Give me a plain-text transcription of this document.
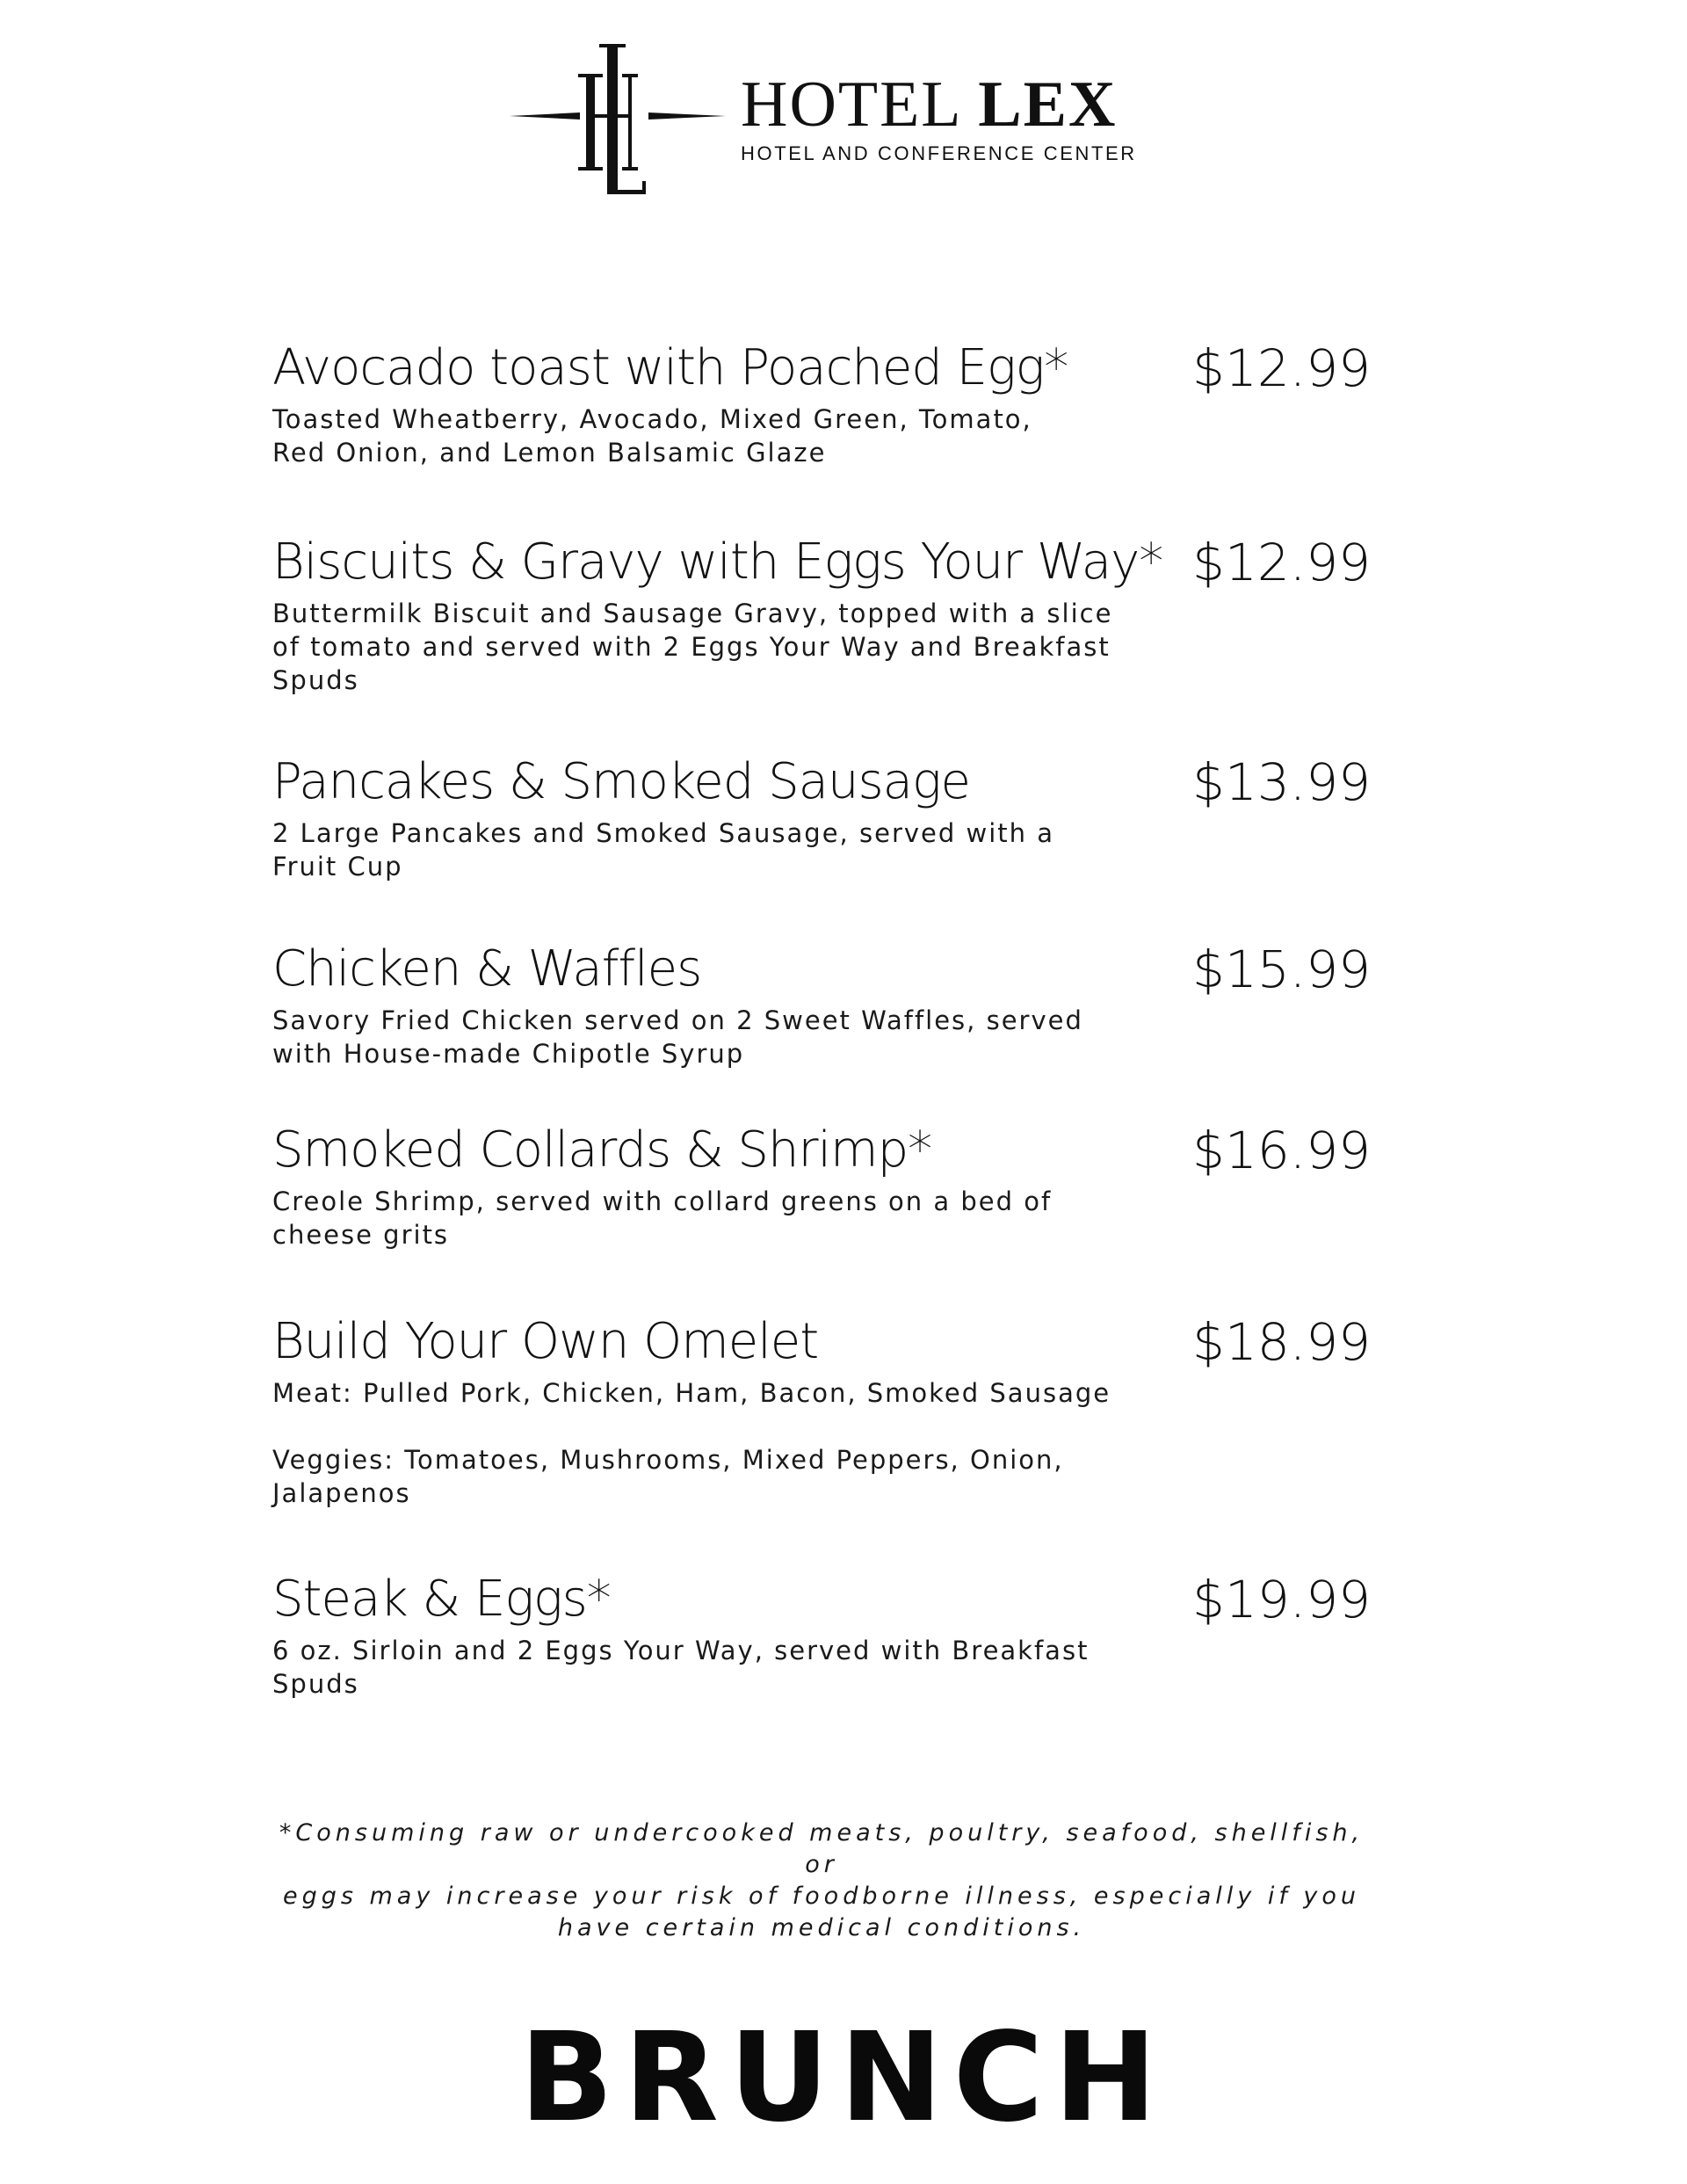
HOTEL LEX
HOTEL AND CONFERENCE CENTER
Avocado toast with Poached Egg* $12.99
Toasted Wheatberry, Avocado, Mixed Green, Tomato,
Red Onion, and Lemon Balsamic Glaze
Biscuits & Gravy with Eggs Your Way* $12.99
Buttermilk Biscuit and Sausage Gravy, topped with a slice
of tomato and served with 2 Eggs Your Way and Breakfast
Spuds
Pancakes & Smoked Sausage	$13.99
2 Large Pancakes and Smoked Sausage, served with a
Fruit Cup
Chicken & Waffles	$15.99
Savory Fried Chicken served on 2 Sweet Waffles, served
with House-made Chipotle Syrup
Smoked Collards & Shrimp*	$16.99
Creole Shrimp, served with collard greens on a bed of
cheese grits
Build Your Own Omelet	$18.99

Meat: Pulled Pork, Chicken, Ham, Bacon, Smoked Sausage

Veggies: Tomatoes, Mushrooms, Mixed Peppers, Onion,
Jalapenos

Steak & Eggs*	$19.99
6 oz. Sirloin and 2 Eggs Your Way, served with Breakfast
Spuds
*Consuming raw or undercooked meats, poultry, seafood, shellfish, or
eggs may increase your risk of foodborne illness, especially if you
have certain medical conditions.
BRUNCH
